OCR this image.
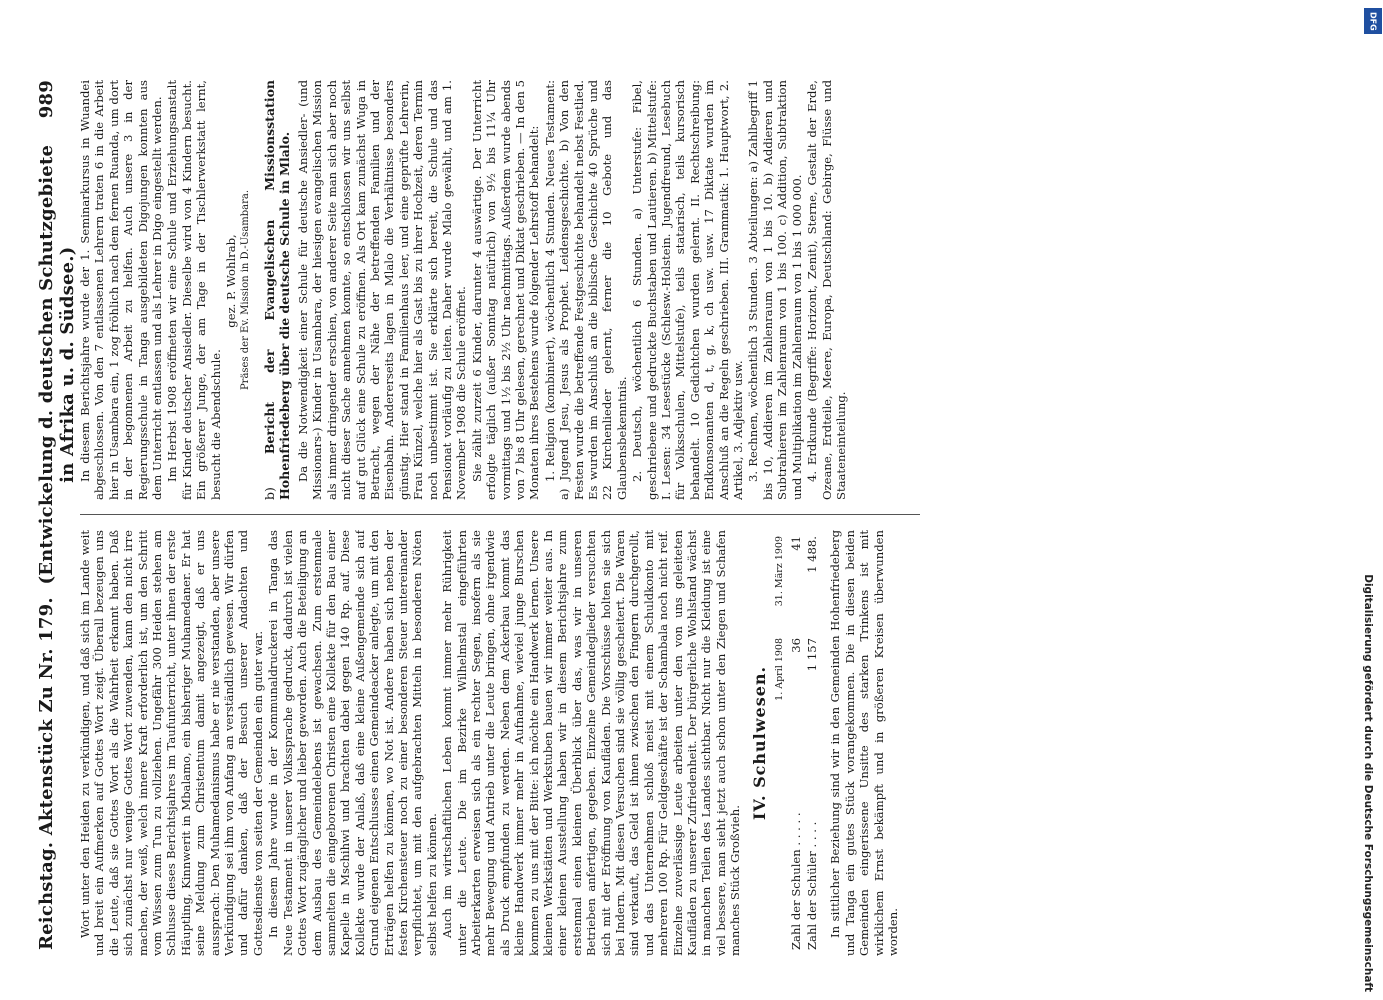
Reichstag. Aktenstück Zu Nr. 179.
(Entwickelung d. deutschen Schutzgebiete in Afrika u. d. Südsee.)
989

Wort unter den Heiden zu verkündigen, und daß sich im Lande weit und breit ein Aufmerken auf Gottes Wort zeigt. Überall bezeugen uns die Leute, daß sie Gottes Wort als die Wahrheit erkannt haben. Daß sich zunächst nur wenige Gottes Wort zuwenden, kann den nicht irre machen, der weiß, welch innere Kraft erforderlich ist, um den Schritt vom Wissen zum Tun zu vollziehen. Ungefähr 300 Heiden stehen am Schlusse dieses Berichtsjahres im Taufunterricht, unter ihnen der erste Häuptling, Kinnwerit in Mbalamo, ein bisheriger Muhamedaner. Er hat seine Meldung zum Christentum damit angezeigt, daß er uns aussprach: Den Muhamedanismus habe er nie verstanden, aber unsere Verkündigung sei ihm von Anfang an verständlich gewesen. Wir dürfen und dafür danken, daß der Besuch unserer Andachten und Gottesdienste von seiten der Gemeinden ein guter war. In diesem Jahre wurde in der Kommunaldruckerei in Tanga das Neue Testament in unserer Volkssprache gedruckt, dadurch ist vielen Gottes Wort zugänglicher und lieber geworden. Auch die Beteiligung an dem Ausbau des Gemeindelebens ist gewachsen. Zum erstenmale sammelten die eingeborenen Christen eine Kollekte für den Bau einer Kapelle in Mschihwi und brachten dabei gegen 140 Rp. auf. Diese Kollekte wurde der Anlaß, daß eine kleine Außengemeinde sich auf Grund eigenen Entschlusses einen Gemeindeacker anlegte, um mit den Erträgen helfen zu können, wo Not ist. Andere haben sich neben der festen Kirchensteuer noch zu einer besonderen Steuer untereinander verpflichtet, um mit den aufgebrachten Mitteln in besonderen Nöten selbst helfen zu können. Auch im wirtschaftlichen Leben kommt immer mehr Rührigkeit unter die Leute. Die im Bezirke Wilhelmstal eingeführten Arbeiterkarten erweisen sich als ein rechter Segen, insofern als sie mehr Bewegung und Antrieb unter die Leute bringen, ohne irgendwie als Druck empfunden zu werden. Neben dem Ackerbau kommt das kleine Handwerk immer mehr in Aufnahme, wieviel junge Burschen kommen zu uns mit der Bitte: ich möchte ein Handwerk lernen. Unsere kleinen Werkstätten und Werkstuben bauen wir immer weiter aus. In einer kleinen Ausstellung haben wir in diesem Berichtsjahre zum erstenmal einen kleinen Überblick über das, was wir in unseren Betrieben anfertigen, gegeben. Einzelne Gemeindeglieder versuchten sich mit der Eröffnung von Kaufläden. Die Vorschüsse holten sie sich bei Indern. Mit diesen Versuchen sind sie völlig gescheitert. Die Waren sind verkauft, das Geld ist ihnen zwischen den Fingern durchgerollt, und das Unternehmen schloß meist mit einem Schuldkonto mit mehreren 100 Rp. Für Geldgeschäfte ist der Schambala noch nicht reif. Einzelne zuverlässige Leute arbeiten unter den von uns geleiteten Kaufläden zu unserer Zufriedenheit. Der bürgerliche Wohlstand wächst in manchen Teilen des Landes sichtbar. Nicht nur die Kleidung ist eine viel bessere, man sieht jetzt auch schon unter den Ziegen und Schafen manches Stück Großvieh.

IV. Schulwesen.
	1. April 1908	31. März 1909
Zahl der Schulen . . . . .	36	41
Zahl der Schüler . . . .	1 157	1 488. In sittlicher Beziehung sind wir in den Gemeinden Hohenfriedeberg und Tanga ein gutes Stück vorangekommen. Die in diesen beiden Gemeinden eingerissene Unsitte des starken Trinkens ist mit wirklichem Ernst bekämpft und in größeren Kreisen überwunden worden.

In diesem Berichtsjahre wurde der 1. Seminarkursus in Wuandei abgeschlossen. Von den 7 entlassenen Lehrern traten 6 in die Arbeit hier in Usambara ein, 1 zog fröhlich nach dem fernen Ruanda, um dort in der begonnenen Arbeit zu helfen. Auch unsere 3 in der Regierungsschule in Tanga ausgebildeten Digojungen konnten aus dem Unterricht entlassen und als Lehrer in Digo eingestellt werden. Im Herbst 1908 eröffneten wir eine Schule und Erziehungsanstalt für Kinder deutscher Ansiedler. Dieselbe wird von 4 Kindern besucht. Ein größerer Junge, der am Tage in der Tischlerwerkstatt lernt, besucht die Abendschule.

gez. P. Wohlrab, Präses der Ev. Mission in D.-Usambara.
b) Bericht der Evangelischen Missionsstation Hohenfriedeberg über die deutsche Schule in Mlalo. Da die Notwendigkeit einer Schule für deutsche Ansiedler- (und Missionars-) Kinder in Usambara, der hiesigen evangelischen Mission als immer dringender erschien, von anderer Seite man sich aber noch nicht dieser Sache annehmen konnte, so entschlossen wir uns selbst auf gut Glück eine Schule zu eröffnen. Als Ort kam zunächst Wuga in Betracht, wegen der Nähe der betreffenden Familien und der Eisenbahn. Andererseits lagen in Mlalo die Verhältnisse besonders günstig. Hier stand in Familienhaus leer, und eine geprüfte Lehrerin, Frau Künzel, welche hier als Gast bis zu ihrer Hochzeit, deren Termin noch unbestimmt ist. Sie erklärte sich bereit, die Schule und das Pensionat vorläufig zu leiten. Daher wurde Mlalo gewählt, und am 1. November 1908 die Schule eröffnet. Sie zählt zurzeit 6 Kinder, darunter 4 auswärtige. Der Unterricht erfolgte täglich (außer Sonntag natürlich) von 9½ bis 11¼ Uhr vormittags und 1½ bis 2½ Uhr nachmittags. Außerdem wurde abends von 7 bis 8 Uhr gelesen, gerechnet und Diktat geschrieben. — In den 5 Monaten ihres Bestehens wurde folgender Lehrstoff behandelt: 1. Religion (kombiniert), wöchentlich 4 Stunden. Neues Testament: a) Jugend Jesu, Jesus als Prophet. Leidensgeschichte. b) Von den Festen wurde die betreffende Festgeschichte behandelt nebst Festlied. Es wurden im Anschluß an die biblische Geschichte 40 Sprüche und 22 Kirchenlieder gelernt, ferner die 10 Gebote und das Glaubensbekenntnis. 2. Deutsch, wöchentlich 6 Stunden. a) Unterstufe: Fibel, geschriebene und gedruckte Buchstaben und Lautieren. b) Mittelstufe: I. Lesen: 34 Lesestücke (Schlesw.-Holstein. Jugendfreund, Lesebuch für Volksschulen, Mittelstufe), teils statarisch, teils kursorisch behandelt. 10 Gedichtchen wurden gelernt. II. Rechtschreibung: Endkonsonanten d, t, g, k, ch usw. usw. 17 Diktate wurden im Anschluß an die Regeln geschrieben. III. Grammatik: 1. Hauptwort, 2. Artikel, 3. Adjektiv usw. 3. Rechnen, wöchentlich 3 Stunden. 3 Abteilungen: a) Zahlbegriff 1 bis 10, Addieren im Zahlenraum von 1 bis 10. b) Addieren und Subtrahieren im Zahlenraum von 1 bis 100. c) Addition, Subtraktion und Multiplikation im Zahlenraum von 1 bis 1 000 000. 4. Erdkunde (Begriffe: Horizont, Zenit), Sterne, Gestalt der Erde, Ozeane, Erdteile, Meere, Europa, Deutschland: Gebirge, Flüsse und Staateneinteilung.

DFG
Digitalisierung gefördert durch die Deutsche Forschungsgemeinschaft
